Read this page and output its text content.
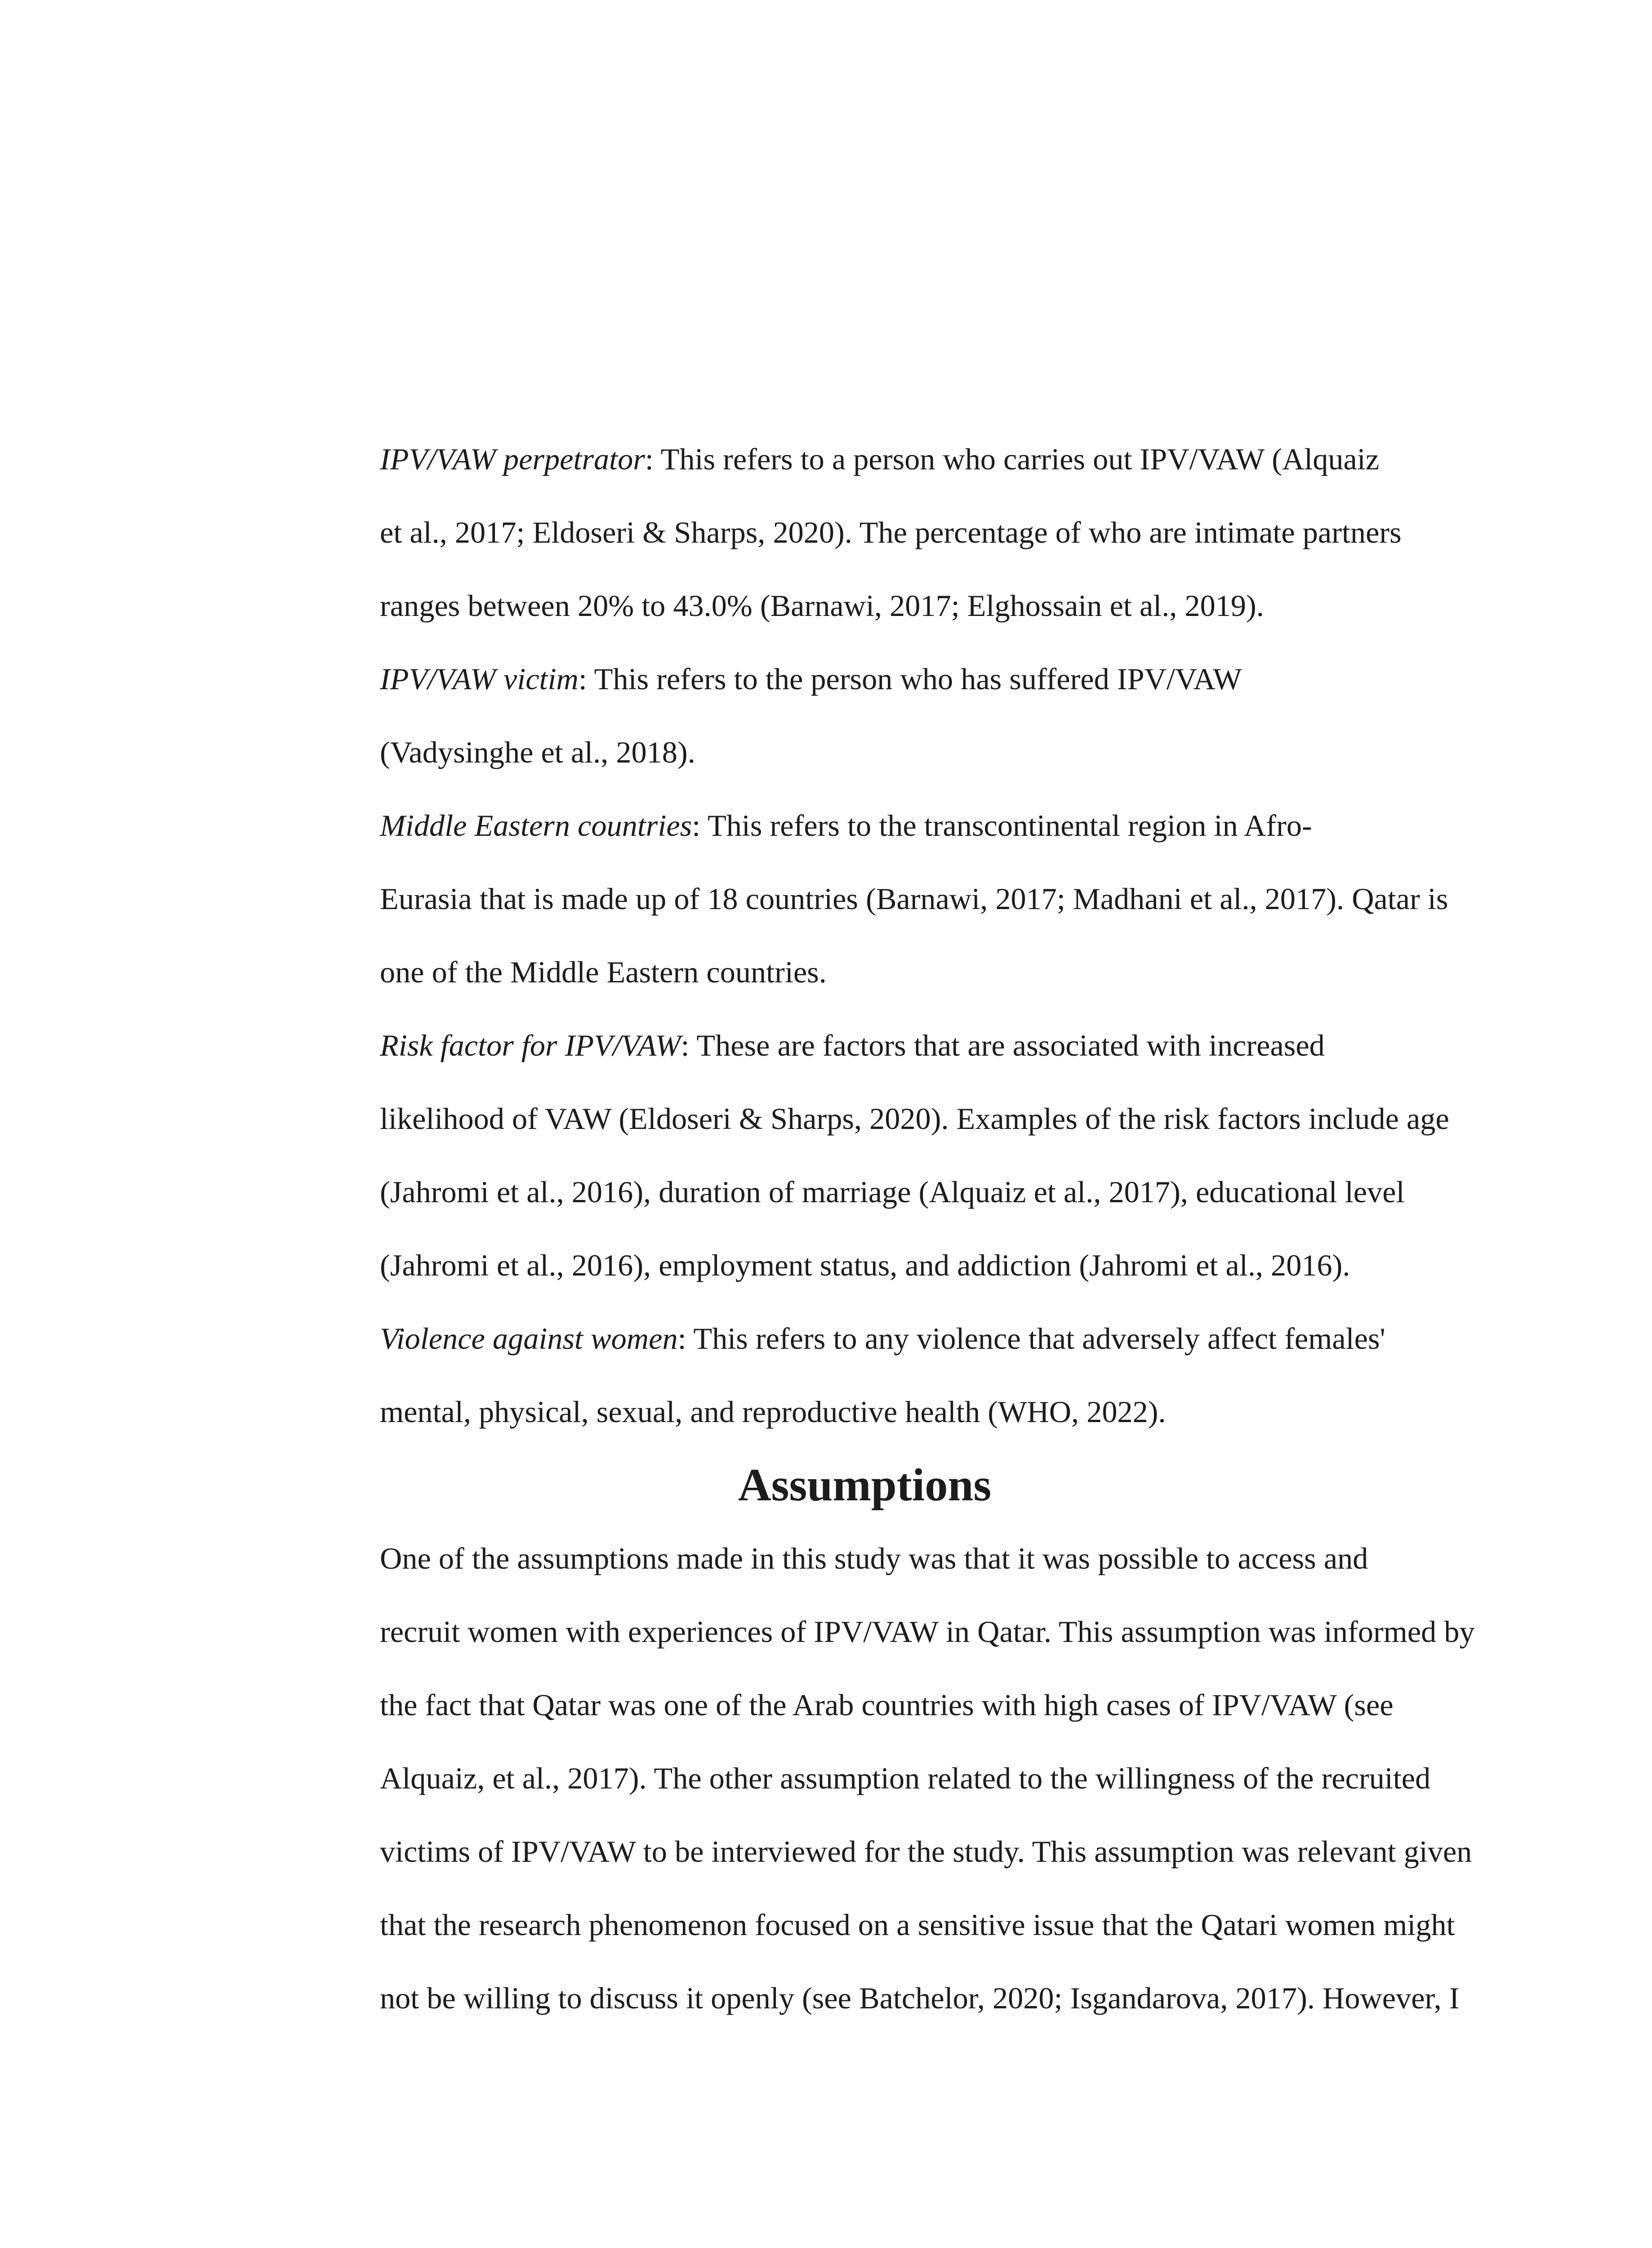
IPV/VAW perpetrator: This refers to a person who carries out IPV/VAW (Alquaiz
et al., 2017; Eldoseri & Sharps, 2020). The percentage of who are intimate partners
ranges between 20% to 43.0% (Barnawi, 2017; Elghossain et al., 2019).

IPV/VAW victim: This refers to the person who has suffered IPV/VAW
(Vadysinghe et al., 2018).

Middle Eastern countries: This refers to the transcontinental region in Afro-
Eurasia that is made up of 18 countries (Barnawi, 2017; Madhani et al., 2017). Qatar is
one of the Middle Eastern countries.

Risk factor for IPV/VAW: These are factors that are associated with increased
likelihood of VAW (Eldoseri & Sharps, 2020). Examples of the risk factors include age
(Jahromi et al., 2016), duration of marriage (Alquaiz et al., 2017), educational level
(Jahromi et al., 2016), employment status, and addiction (Jahromi et al., 2016).

Violence against women: This refers to any violence that adversely affect females'
mental, physical, sexual, and reproductive health (WHO, 2022).

Assumptions

One of the assumptions made in this study was that it was possible to access and
recruit women with experiences of IPV/VAW in Qatar. This assumption was informed by
the fact that Qatar was one of the Arab countries with high cases of IPV/VAW (see
Alquaiz, et al., 2017). The other assumption related to the willingness of the recruited
victims of IPV/VAW to be interviewed for the study. This assumption was relevant given
that the research phenomenon focused on a sensitive issue that the Qatari women might
not be willing to discuss it openly (see Batchelor, 2020; Isgandarova, 2017). However, I
